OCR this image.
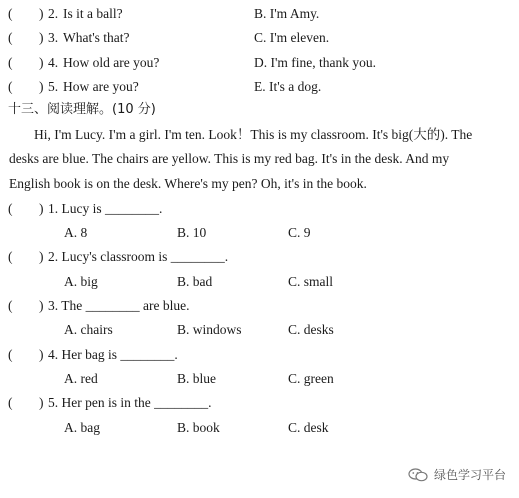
( ) 2. Is it a ball?	B. I'm Amy.
( ) 3. What's that?	C. I'm eleven.
( ) 4. How old are you?	D. I'm fine, thank you.
( ) 5. How are you?	E. It's a dog.
十三、阅读理解。(10 分)
Hi, I'm Lucy. I'm a girl. I'm ten. Look！This is my classroom. It's big(大的). The
desks are blue. The chairs are yellow. This is my red bag. It's in the desk. And my
English book is on the desk. Where's my pen? Oh, it's in the book.
( ) 1. Lucy is ________.
A. 8	B. 10	C. 9
( ) 2. Lucy's classroom is ________.
A. big	B. bad	C. small
( ) 3. The ________ are blue.
A. chairs	B. windows	C. desks
( ) 4. Her bag is ________.
A. red	B. blue	C. green
( ) 5. Her pen is in the ________.
A. bag	B. book	C. desk
绿色学习平台
